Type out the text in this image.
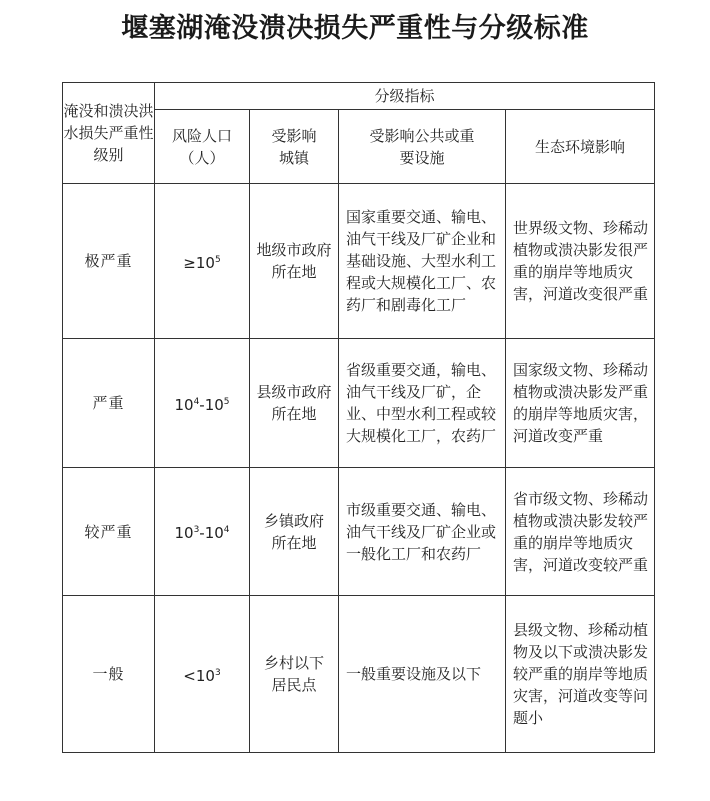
堰塞湖淹没溃决损失严重性与分级标准
淹没和溃决洪水损失严重性级别	分级指标			
	风险人口（人）	受影响城镇	受影响公共或重要设施	生态环境影响
极严重	$\ge 10^5$	地级市政府所在地	国家重要交通、输电、油气干线及厂矿企业和基础设施、大型水利工程或大规模化工厂、农药厂和剧毒化工厂	世界级文物、珍稀动植物或溃决影发很严重的崩岸等地质灾害，河道改变很严重
严重	$10^4-10^5$	县级市政府所在地	省级重要交通，输电、油气干线及厂矿，企业、中型水利工程或较大规模化工厂，农药厂	国家级文物、珍稀动植物或溃决影发严重的崩岸等地质灾害，河道改变严重
较严重	$10^3-10^4$	乡镇政府所在地	市级重要交通、输电、油气干线及厂矿企业或一般化工厂和农药厂	省市级文物、珍稀动植物或溃决影发较严重的崩岸等地质灾害，河道改变较严重
一般	$<10^3$	乡村以下居民点	一般重要设施及以下	县级文物、珍稀动植物及以下或溃决影发较严重的崩岸等地质灾害，河道改变等问题小
